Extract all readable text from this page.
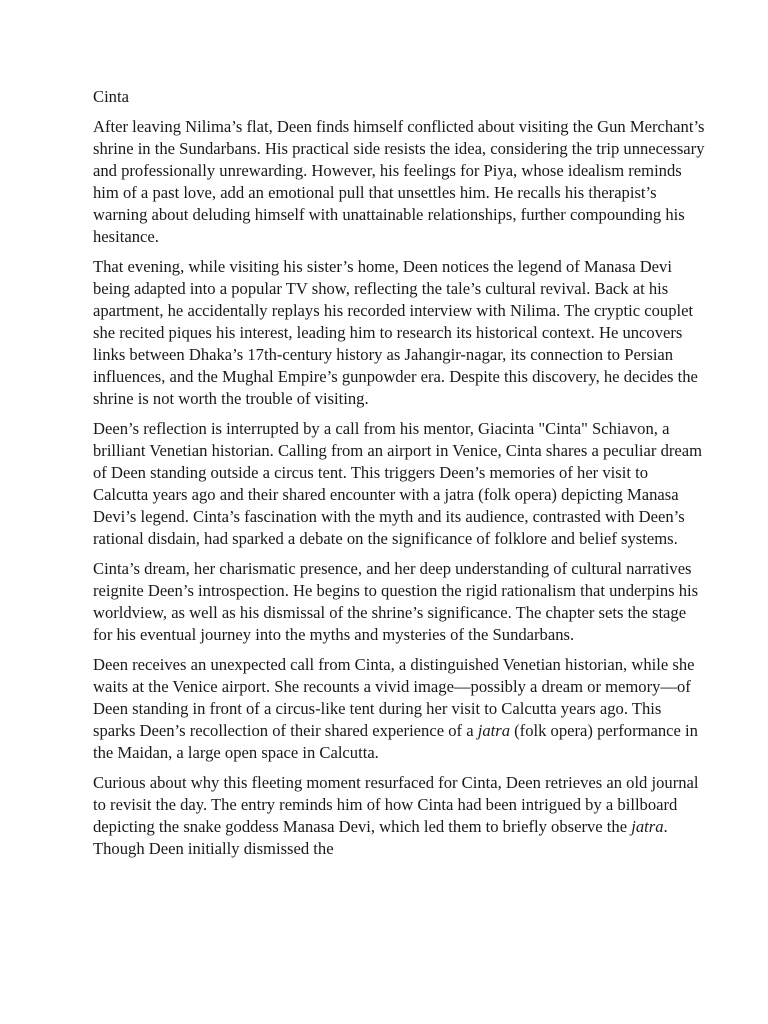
Cinta

After leaving Nilima’s flat, Deen finds himself conflicted about visiting the Gun Merchant’s shrine in the Sundarbans. His practical side resists the idea, considering the trip unnecessary and professionally unrewarding. However, his feelings for Piya, whose idealism reminds him of a past love, add an emotional pull that unsettles him. He recalls his therapist’s warning about deluding himself with unattainable relationships, further compounding his hesitance.

That evening, while visiting his sister’s home, Deen notices the legend of Manasa Devi being adapted into a popular TV show, reflecting the tale’s cultural revival. Back at his apartment, he accidentally replays his recorded interview with Nilima. The cryptic couplet she recited piques his interest, leading him to research its historical context. He uncovers links between Dhaka’s 17th-century history as Jahangir-nagar, its connection to Persian influences, and the Mughal Empire’s gunpowder era. Despite this discovery, he decides the shrine is not worth the trouble of visiting.

Deen’s reflection is interrupted by a call from his mentor, Giacinta "Cinta" Schiavon, a brilliant Venetian historian. Calling from an airport in Venice, Cinta shares a peculiar dream of Deen standing outside a circus tent. This triggers Deen’s memories of her visit to Calcutta years ago and their shared encounter with a jatra (folk opera) depicting Manasa Devi’s legend. Cinta’s fascination with the myth and its audience, contrasted with Deen’s rational disdain, had sparked a debate on the significance of folklore and belief systems.

Cinta’s dream, her charismatic presence, and her deep understanding of cultural narratives reignite Deen’s introspection. He begins to question the rigid rationalism that underpins his worldview, as well as his dismissal of the shrine’s significance. The chapter sets the stage for his eventual journey into the myths and mysteries of the Sundarbans.

Deen receives an unexpected call from Cinta, a distinguished Venetian historian, while she waits at the Venice airport. She recounts a vivid image—possibly a dream or memory—of Deen standing in front of a circus-like tent during her visit to Calcutta years ago. This sparks Deen’s recollection of their shared experience of a jatra (folk opera) performance in the Maidan, a large open space in Calcutta.

Curious about why this fleeting moment resurfaced for Cinta, Deen retrieves an old journal to revisit the day. The entry reminds him of how Cinta had been intrigued by a billboard depicting the snake goddess Manasa Devi, which led them to briefly observe the jatra. Though Deen initially dismissed the
